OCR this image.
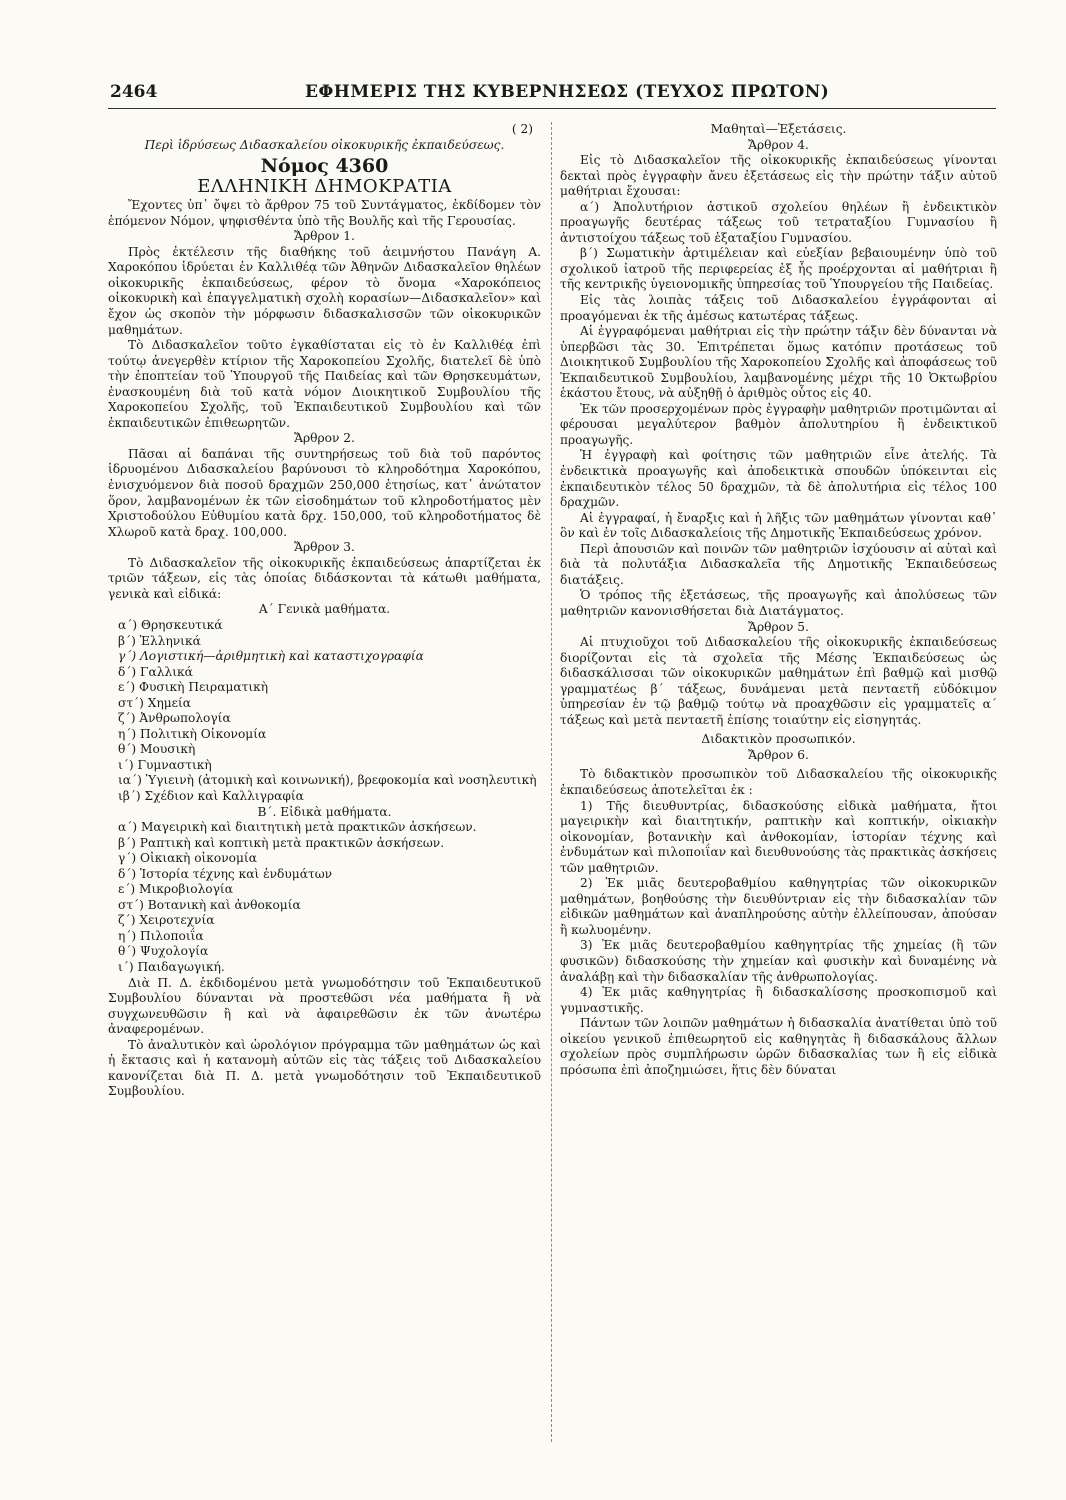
2464	ΕΦΗΜΕΡΙΣ ΤΗΣ ΚΥΒΕΡΝΗΣΕΩΣ (ΤΕΥΧΟΣ ΠΡΩΤΟΝ)

( 2)

Περὶ ἱδρύσεως Διδασκαλείου οἰκοκυρικῆς ἐκπαιδεύσεως.

Νόμος 4360

ΕΛΛΗΝΙΚΗ ΔΗΜΟΚΡΑΤΙΑ

Ἔχοντες ὑπ᾽ ὄψει τὸ ἄρθρον 75 τοῦ Συντάγματος, ἐκδίδομεν τὸν ἑπόμενον Νόμον, ψηφισθέντα ὑπὸ τῆς Βουλῆς καὶ τῆς Γερουσίας.

Ἄρθρον 1.

Πρὸς ἐκτέλεσιν τῆς διαθήκης τοῦ ἀειμνήστου Πανάγη Α. Χαροκόπου ἱδρύεται ἐν Καλλιθέᾳ τῶν Ἀθηνῶν Διδασκαλεῖον θηλέων οἰκοκυρικῆς ἐκπαιδεύσεως, φέρον τὸ ὄνομα «Χαροκόπειος οἰκοκυρικὴ καὶ ἐπαγγελματικὴ σχολὴ κορασίων—Διδασκαλεῖον» καὶ ἔχον ὡς σκοπὸν τὴν μόρφωσιν διδασκαλισσῶν τῶν οἰκοκυρικῶν μαθημάτων.

Τὸ Διδασκαλεῖον τοῦτο ἐγκαθίσταται εἰς τὸ ἐν Καλλιθέᾳ ἐπὶ τούτῳ ἀνεγερθὲν κτίριον τῆς Χαροκοπείου Σχολῆς, διατελεῖ δὲ ὑπὸ τὴν ἐποπτείαν τοῦ Ὑπουργοῦ τῆς Παιδείας καὶ τῶν Θρησκευμάτων, ἐνασκουμένη διὰ τοῦ κατὰ νόμον Διοικητικοῦ Συμβουλίου τῆς Χαροκοπείου Σχολῆς, τοῦ Ἐκπαιδευτικοῦ Συμβουλίου καὶ τῶν ἐκπαιδευτικῶν ἐπιθεωρητῶν.

Ἄρθρον 2.

Πᾶσαι αἱ δαπάναι τῆς συντηρήσεως τοῦ διὰ τοῦ παρόντος ἱδρυομένου Διδασκαλείου βαρύνουσι τὸ κληροδότημα Χαροκόπου, ἐνισχυόμενον διὰ ποσοῦ δραχμῶν 250,000 ἐτησίως, κατ᾽ ἀνώτατον ὅρον, λαμβανομένων ἐκ τῶν εἰσοδημάτων τοῦ κληροδοτήματος μὲν Χριστοδούλου Εὐθυμίου κατὰ δρχ. 150,000, τοῦ κληροδοτήματος δὲ Χλωροῦ κατὰ δραχ. 100,000.

Ἄρθρον 3.

Τὸ Διδασκαλεῖον τῆς οἰκοκυρικῆς ἐκπαιδεύσεως ἀπαρτίζεται ἐκ τριῶν τάξεων, εἰς τὰς ὁποίας διδάσκονται τὰ κάτωθι μαθήματα, γενικὰ καὶ εἰδικά:

Α΄ Γενικὰ μαθήματα.

α΄) Θρησκευτικά

β΄) Ἑλληνικά

γ΄) Λογιστική—ἀριθμητικὴ καὶ καταστιχογραφία

δ΄) Γαλλικά

ε΄) Φυσικὴ Πειραματικὴ

στ΄) Χημεία

ζ΄) Ἀνθρωπολογία

η΄) Πολιτικὴ Οἰκονομία

θ΄) Μουσικὴ

ι΄) Γυμναστικὴ

ια΄) Ὑγιεινὴ (ἀτομικὴ καὶ κοινωνική), βρεφοκομία καὶ νοσηλευτικὴ

ιβ΄) Σχέδιον καὶ Καλλιγραφία

Β΄. Εἰδικὰ μαθήματα.

α΄) Μαγειρικὴ καὶ διαιτητικὴ μετὰ πρακτικῶν ἀσκήσεων.

β΄) Ραπτικὴ καὶ κοπτικὴ μετὰ πρακτικῶν ἀσκήσεων.

γ΄) Οἰκιακὴ οἰκονομία

δ΄) Ἱστορία τέχνης καὶ ἐνδυμάτων

ε΄) Μικροβιολογία

στ΄) Βοτανικὴ καὶ ἀνθοκομία

ζ΄) Χειροτεχνία

η΄) Πιλοποιΐα

θ΄) Ψυχολογία

ι΄) Παιδαγωγική.

Διὰ Π. Δ. ἐκδιδομένου μετὰ γνωμοδότησιν τοῦ Ἐκπαιδευτικοῦ Συμβουλίου δύνανται νὰ προστεθῶσι νέα μαθήματα ἢ νὰ συγχωνευθῶσιν ἢ καὶ νὰ ἀφαιρεθῶσιν ἐκ τῶν ἀνωτέρω ἀναφερομένων.

Τὸ ἀναλυτικὸν καὶ ὡρολόγιον πρόγραμμα τῶν μαθημάτων ὡς καὶ ἡ ἔκτασις καὶ ἡ κατανομὴ αὐτῶν εἰς τὰς τάξεις τοῦ Διδασκαλείου κανονίζεται διὰ Π. Δ. μετὰ γνωμοδότησιν τοῦ Ἐκπαιδευτικοῦ Συμβουλίου.

Μαθηταὶ—Ἐξετάσεις.

Ἄρθρον 4.

Εἰς τὸ Διδασκαλεῖον τῆς οἰκοκυρικῆς ἐκπαιδεύσεως γίνονται δεκταὶ πρὸς ἐγγραφὴν ἄνευ ἐξετάσεως εἰς τὴν πρώτην τάξιν αὐτοῦ μαθήτριαι ἔχουσαι:

α΄) Ἀπολυτήριον ἀστικοῦ σχολείου θηλέων ἢ ἐνδεικτικὸν προαγωγῆς δευτέρας τάξεως τοῦ τετραταξίου Γυμνασίου ἢ ἀντιστοίχου τάξεως τοῦ ἑξαταξίου Γυμνασίου.

β΄) Σωματικὴν ἀρτιμέλειαν καὶ εὐεξίαν βεβαιουμένην ὑπὸ τοῦ σχολικοῦ ἰατροῦ τῆς περιφερείας ἐξ ἧς προέρχονται αἱ μαθήτριαι ἢ τῆς κεντρικῆς ὑγειονομικῆς ὑπηρεσίας τοῦ Ὑπουργείου τῆς Παιδείας.

Εἰς τὰς λοιπὰς τάξεις τοῦ Διδασκαλείου ἐγγράφονται αἱ προαγόμεναι ἐκ τῆς ἀμέσως κατωτέρας τάξεως.

Αἱ ἐγγραφόμεναι μαθήτριαι εἰς τὴν πρώτην τάξιν δὲν δύνανται νὰ ὑπερβῶσι τὰς 30. Ἐπιτρέπεται ὅμως κατόπιν προτάσεως τοῦ Διοικητικοῦ Συμβουλίου τῆς Χαροκοπείου Σχολῆς καὶ ἀποφάσεως τοῦ Ἐκπαιδευτικοῦ Συμβουλίου, λαμβανομένης μέχρι τῆς 10 Ὀκτωβρίου ἑκάστου ἔτους, νὰ αὐξηθῇ ὁ ἀριθμὸς οὗτος εἰς 40.

Ἐκ τῶν προσερχομένων πρὸς ἐγγραφὴν μαθητριῶν προτιμῶνται αἱ φέρουσαι μεγαλύτερον βαθμὸν ἀπολυτηρίου ἢ ἐνδεικτικοῦ προαγωγῆς.

Ἡ ἐγγραφὴ καὶ φοίτησις τῶν μαθητριῶν εἶνε ἀτελής. Τὰ ἐνδεικτικὰ προαγωγῆς καὶ ἀποδεικτικὰ σπουδῶν ὑπόκεινται εἰς ἐκπαιδευτικὸν τέλος 50 δραχμῶν, τὰ δὲ ἀπολυτήρια εἰς τέλος 100 δραχμῶν.

Αἱ ἐγγραφαί, ἡ ἔναρξις καὶ ἡ λῆξις τῶν μαθημάτων γίνονται καθ᾽ ὃν καὶ ἐν τοῖς Διδασκαλείοις τῆς Δημοτικῆς Ἐκπαιδεύσεως χρόνον.

Περὶ ἀπουσιῶν καὶ ποινῶν τῶν μαθητριῶν ἰσχύουσιν αἱ αὐταὶ καὶ διὰ τὰ πολυτάξια Διδασκαλεῖα τῆς Δημοτικῆς Ἐκπαιδεύσεως διατάξεις.

Ὁ τρόπος τῆς ἐξετάσεως, τῆς προαγωγῆς καὶ ἀπολύσεως τῶν μαθητριῶν κανονισθήσεται διὰ Διατάγματος.

Ἄρθρον 5.

Αἱ πτυχιοῦχοι τοῦ Διδασκαλείου τῆς οἰκοκυρικῆς ἐκπαιδεύσεως διορίζονται εἰς τὰ σχολεῖα τῆς Μέσης Ἐκπαιδεύσεως ὡς διδασκάλισσαι τῶν οἰκοκυρικῶν μαθημάτων ἐπὶ βαθμῷ καὶ μισθῷ γραμματέως β΄ τάξεως, δυνάμεναι μετὰ πενταετῆ εὐδόκιμον ὑπηρεσίαν ἐν τῷ βαθμῷ τούτῳ νὰ προαχθῶσιν εἰς γραμματεῖς α΄ τάξεως καὶ μετὰ πενταετῆ ἐπίσης τοιαύτην εἰς εἰσηγητάς.

Διδακτικὸν προσωπικόν.

Ἄρθρον 6.

Τὸ διδακτικὸν προσωπικὸν τοῦ Διδασκαλείου τῆς οἰκοκυρικῆς ἐκπαιδεύσεως ἀποτελεῖται ἐκ :

1) Τῆς διευθυντρίας, διδασκούσης εἰδικὰ μαθήματα, ἤτοι μαγειρικὴν καὶ διαιτητικήν, ραπτικὴν καὶ κοπτικήν, οἰκιακὴν οἰκονομίαν, βοτανικὴν καὶ ἀνθοκομίαν, ἱστορίαν τέχνης καὶ ἐνδυμάτων καὶ πιλοποιΐαν καὶ διευθυνούσης τὰς πρακτικὰς ἀσκήσεις τῶν μαθητριῶν.

2) Ἐκ μιᾶς δευτεροβαθμίου καθηγητρίας τῶν οἰκοκυρικῶν μαθημάτων, βοηθούσης τὴν διευθύντριαν εἰς τὴν διδασκαλίαν τῶν εἰδικῶν μαθημάτων καὶ ἀναπληρούσης αὐτὴν ἐλλείπουσαν, ἀπούσαν ἢ κωλυομένην.

3) Ἐκ μιᾶς δευτεροβαθμίου καθηγητρίας τῆς χημείας (ἢ τῶν φυσικῶν) διδασκούσης τὴν χημείαν καὶ φυσικὴν καὶ δυναμένης νὰ ἀναλάβῃ καὶ τὴν διδασκαλίαν τῆς ἀνθρωπολογίας.

4) Ἐκ μιᾶς καθηγητρίας ἢ διδασκαλίσσης προσκοπισμοῦ καὶ γυμναστικῆς.

Πάντων τῶν λοιπῶν μαθημάτων ἡ διδασκαλία ἀνατίθεται ὑπὸ τοῦ οἰκείου γενικοῦ ἐπιθεωρητοῦ εἰς καθηγητὰς ἢ διδασκάλους ἄλλων σχολείων πρὸς συμπλήρωσιν ὡρῶν διδασκαλίας των ἢ εἰς εἰδικὰ πρόσωπα ἐπὶ ἀποζημιώσει, ἥτις δὲν δύναται
